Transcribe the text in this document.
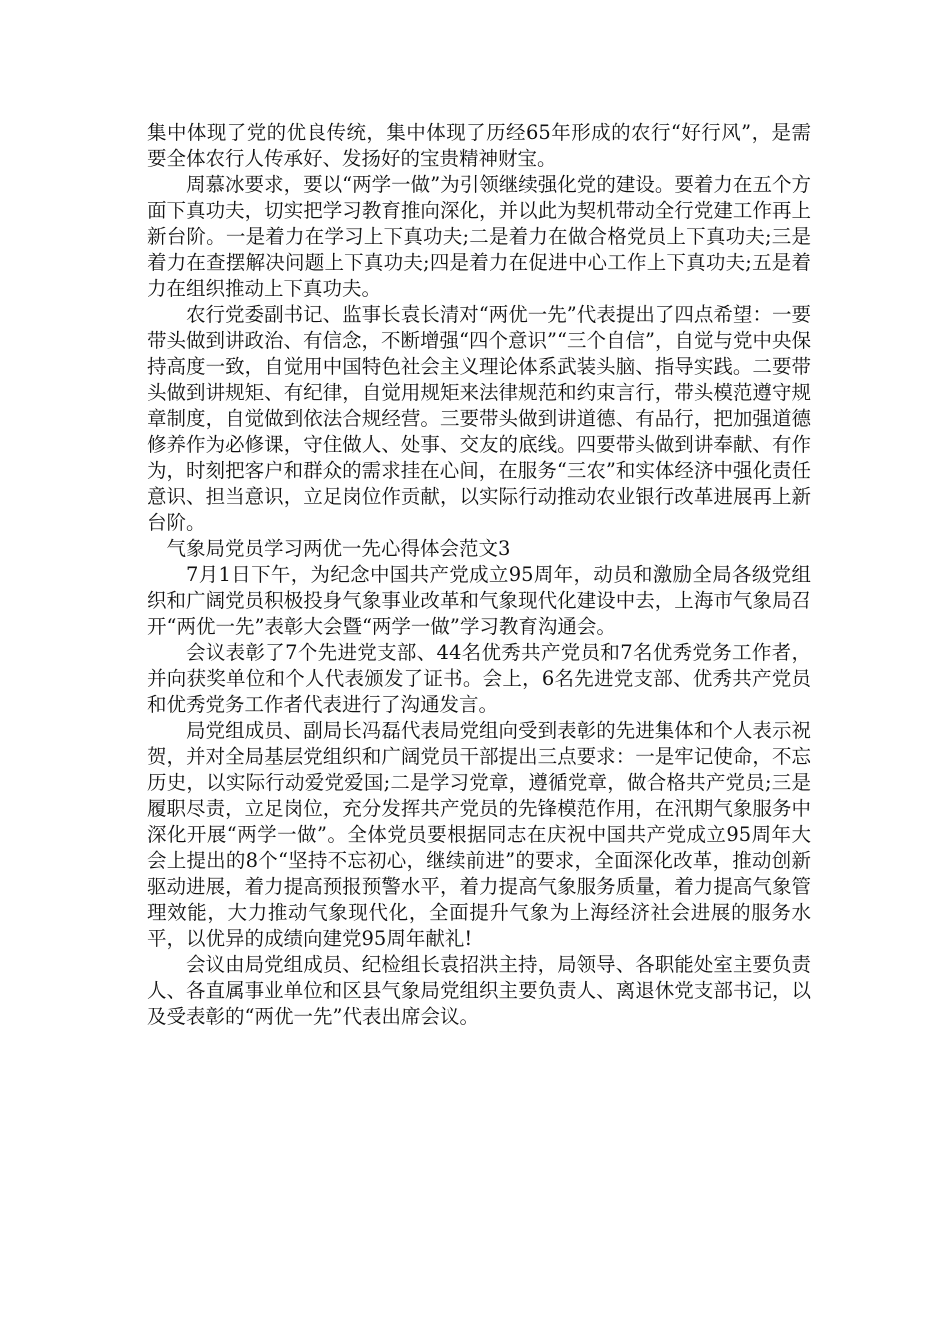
集中体现了党的优良传统，集中体现了历经65年形成的农行“好行风”，是需要全体农行人传承好、发扬好的宝贵精神财宝。

周慕冰要求，要以“两学一做”为引领继续强化党的建设。要着力在五个方面下真功夫，切实把学习教育推向深化，并以此为契机带动全行党建工作再上新台阶。一是着力在学习上下真功夫;二是着力在做合格党员上下真功夫;三是着力在查摆解决问题上下真功夫;四是着力在促进中心工作上下真功夫;五是着力在组织推动上下真功夫。

农行党委副书记、监事长袁长清对“两优一先”代表提出了四点希望：一要带头做到讲政治、有信念，不断增强“四个意识”“三个自信”，自觉与党中央保持高度一致，自觉用中国特色社会主义理论体系武装头脑、指导实践。二要带头做到讲规矩、有纪律，自觉用规矩来法律规范和约束言行，带头模范遵守规章制度，自觉做到依法合规经营。三要带头做到讲道德、有品行，把加强道德修养作为必修课，守住做人、处事、交友的底线。四要带头做到讲奉献、有作为，时刻把客户和群众的需求挂在心间，在服务“三农”和实体经济中强化责任意识、担当意识，立足岗位作贡献，以实际行动推动农业银行改革进展再上新台阶。

气象局党员学习两优一先心得体会范文3

7月1日下午，为纪念中国共产党成立95周年，动员和激励全局各级党组织和广阔党员积极投身气象事业改革和气象现代化建设中去，上海市气象局召开“两优一先”表彰大会暨“两学一做”学习教育沟通会。

会议表彰了7个先进党支部、44名优秀共产党员和7名优秀党务工作者，并向获奖单位和个人代表颁发了证书。会上，6名先进党支部、优秀共产党员和优秀党务工作者代表进行了沟通发言。

局党组成员、副局长冯磊代表局党组向受到表彰的先进集体和个人表示祝贺，并对全局基层党组织和广阔党员干部提出三点要求：一是牢记使命，不忘历史，以实际行动爱党爱国;二是学习党章，遵循党章，做合格共产党员;三是履职尽责，立足岗位，充分发挥共产党员的先锋模范作用，在汛期气象服务中深化开展“两学一做”。全体党员要根据同志在庆祝中国共产党成立95周年大会上提出的8个“坚持不忘初心，继续前进”的要求，全面深化改革，推动创新驱动进展，着力提高预报预警水平，着力提高气象服务质量，着力提高气象管理效能，大力推动气象现代化，全面提升气象为上海经济社会进展的服务水平，以优异的成绩向建党95周年献礼!

会议由局党组成员、纪检组长袁招洪主持，局领导、各职能处室主要负责人、各直属事业单位和区县气象局党组织主要负责人、离退休党支部书记，以及受表彰的“两优一先”代表出席会议。
